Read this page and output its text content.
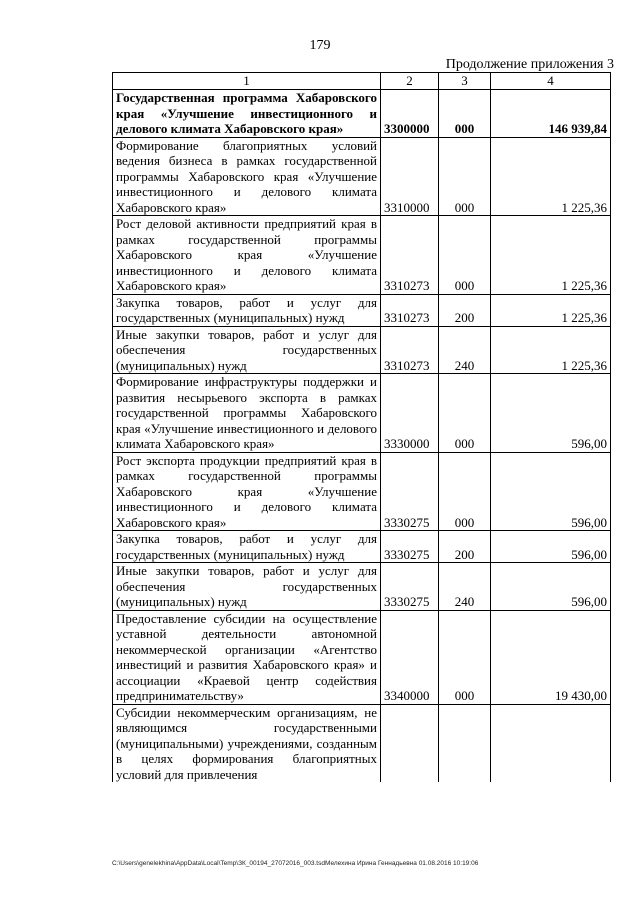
179
Продолжение приложения 3
1	2	3	4
Государственная программа Хабаровского края «Улучшение инвестиционного и делового климата Хабаровского края»	3300000	000	146 939,84
Формирование благоприятных условий ведения бизнеса в рамках государственной программы Хабаровского края «Улучшение инвестиционного и делового климата Хабаровского края»	3310000	000	1 225,36
Рост деловой активности предприятий края в рамках государственной программы Хабаровского края «Улучшение инвестиционного и делового климата Хабаровского края»	3310273	000	1 225,36
Закупка товаров, работ и услуг для государственных (муниципальных) нужд	3310273	200	1 225,36
Иные закупки товаров, работ и услуг для обеспечения государственных (муниципальных) нужд	3310273	240	1 225,36
Формирование инфраструктуры поддержки и развития несырьевого экспорта в рамках государственной программы Хабаровского края «Улучшение инвестиционного и делового климата Хабаровского края»	3330000	000	596,00
Рост экспорта продукции предприятий края в рамках государственной программы Хабаровского края «Улучшение инвестиционного и делового климата Хабаровского края»	3330275	000	596,00
Закупка товаров, работ и услуг для государственных (муниципальных) нужд	3330275	200	596,00
Иные закупки товаров, работ и услуг для обеспечения государственных (муниципальных) нужд	3330275	240	596,00
Предоставление субсидии на осуществление уставной деятельности автономной некоммерческой организации «Агентство инвестиций и развития Хабаровского края» и ассоциации «Краевой центр содействия предпринимательству»	3340000	000	19 430,00
Субсидии некоммерческим организациям, не являющимся государственными (муниципальными) учреждениями, созданным в целях формирования благоприятных условий для привлечения			
C:\Users\genelekhina\AppData\Local\Temp\ЗК_00194_27072016_003.tsdМелехина Ирина Геннадьевна 01.08.2016 10:19:06
